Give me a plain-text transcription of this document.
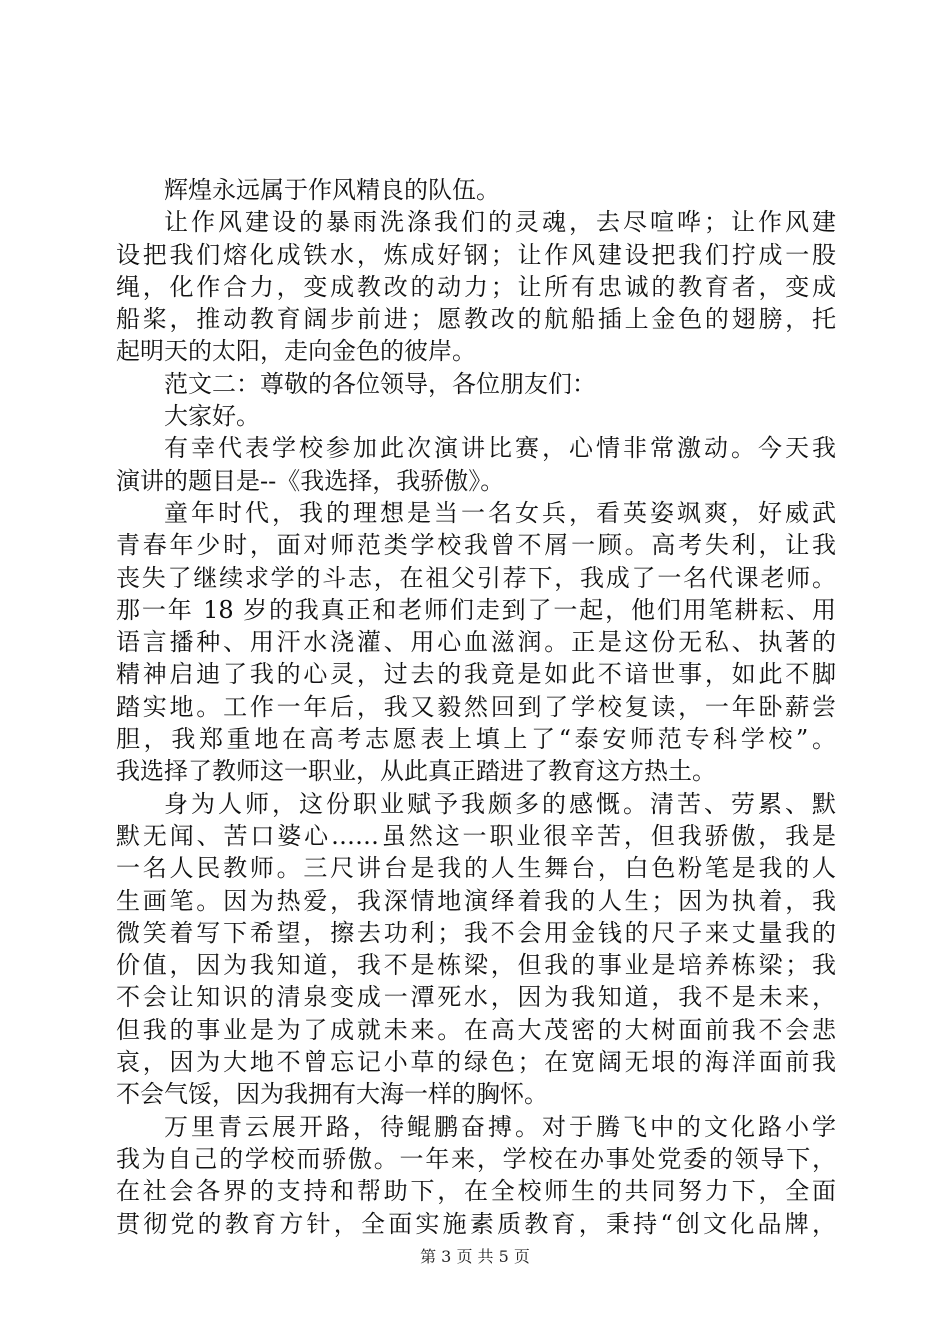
辉煌永远属于作风精良的队伍。
让作风建设的暴雨洗涤我们的灵魂，去尽喧哗；让作风建
设把我们熔化成铁水，炼成好钢；让作风建设把我们拧成一股
绳，化作合力，变成教改的动力；让所有忠诚的教育者，变成
船桨，推动教育阔步前进；愿教改的航船插上金色的翅膀，托
起明天的太阳，走向金色的彼岸。
范文二：尊敬的各位领导，各位朋友们：
大家好。
有幸代表学校参加此次演讲比赛，心情非常激动。今天我
演讲的题目是--《我选择，我骄傲》。
童年时代，我的理想是当一名女兵，看英姿飒爽，好威武
青春年少时，面对师范类学校我曾不屑一顾。高考失利，让我
丧失了继续求学的斗志，在祖父引荐下，我成了一名代课老师。
那一年 18 岁的我真正和老师们走到了一起，他们用笔耕耘、用
语言播种、用汗水浇灌、用心血滋润。正是这份无私、执著的
精神启迪了我的心灵，过去的我竟是如此不谙世事，如此不脚
踏实地。工作一年后，我又毅然回到了学校复读，一年卧薪尝
胆，我郑重地在高考志愿表上填上了“泰安师范专科学校”。
我选择了教师这一职业，从此真正踏进了教育这方热土。
身为人师，这份职业赋予我颇多的感慨。清苦、劳累、默
默无闻、苦口婆心……虽然这一职业很辛苦，但我骄傲，我是
一名人民教师。三尺讲台是我的人生舞台，白色粉笔是我的人
生画笔。因为热爱，我深情地演绎着我的人生；因为执着，我
微笑着写下希望，擦去功利；我不会用金钱的尺子来丈量我的
价值，因为我知道，我不是栋梁，但我的事业是培养栋梁；我
不会让知识的清泉变成一潭死水，因为我知道，我不是未来，
但我的事业是为了成就未来。在高大茂密的大树面前我不会悲
哀，因为大地不曾忘记小草的绿色；在宽阔无垠的海洋面前我
不会气馁，因为我拥有大海一样的胸怀。
万里青云展开路，待鲲鹏奋搏。对于腾飞中的文化路小学
我为自己的学校而骄傲。一年来，学校在办事处党委的领导下，
在社会各界的支持和帮助下，在全校师生的共同努力下，全面
贯彻党的教育方针，全面实施素质教育，秉持“创文化品牌，
第 3 页 共 5 页
